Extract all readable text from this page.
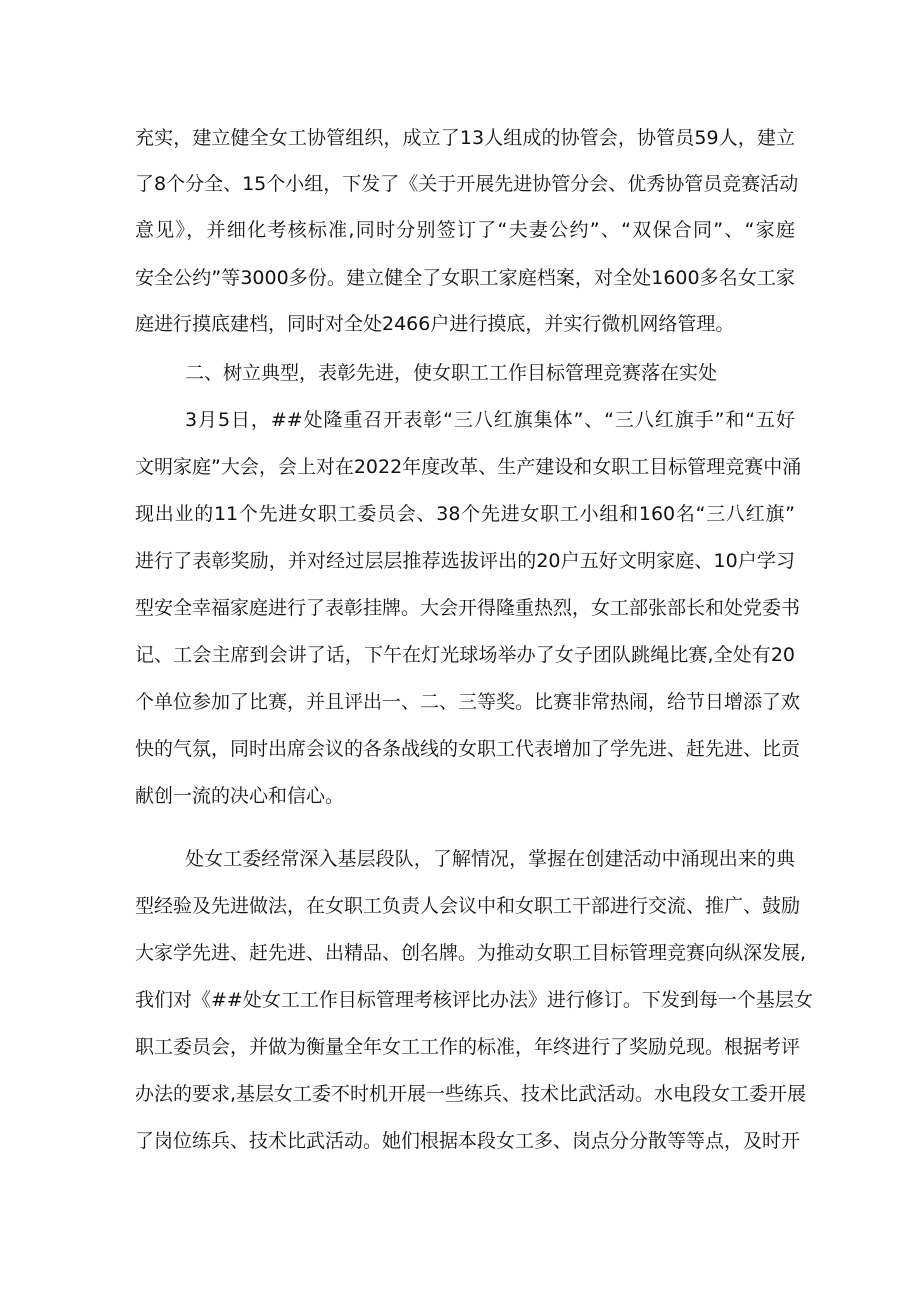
充实，建立健全女工协管组织，成立了13人组成的协管会，协管员59人，建立
了8个分全、15个小组，下发了《关于开展先进协管分会、优秀协管员竞赛活动
意见》，并细化考核标准,同时分别签订了“夫妻公约”、“双保合同”、“家庭
安全公约”等3000多份。建立健全了女职工家庭档案，对全处1600多名女工家
庭进行摸底建档，同时对全处2466户进行摸底，并实行微机网络管理。
二、树立典型，表彰先进，使女职工工作目标管理竞赛落在实处
3月5日，##处隆重召开表彰“三八红旗集体”、“三八红旗手”和“五好
文明家庭”大会，会上对在2022年度改革、生产建设和女职工目标管理竞赛中涌
现出业的11个先进女职工委员会、38个先进女职工小组和160名“三八红旗”
进行了表彰奖励，并对经过层层推荐选拔评出的20户五好文明家庭、10户学习
型安全幸福家庭进行了表彰挂牌。大会开得隆重热烈，女工部张部长和处党委书
记、工会主席到会讲了话，下午在灯光球场举办了女子团队跳绳比赛,全处有20
个单位参加了比赛，并且评出一、二、三等奖。比赛非常热闹，给节日增添了欢
快的气氛，同时出席会议的各条战线的女职工代表增加了学先进、赶先进、比贡
献创一流的决心和信心。
处女工委经常深入基层段队，了解情况，掌握在创建活动中涌现出来的典
型经验及先进做法，在女职工负责人会议中和女职工干部进行交流、推广、鼓励
大家学先进、赶先进、出精品、创名牌。为推动女职工目标管理竞赛向纵深发展,
我们对《##处女工工作目标管理考核评比办法》进行修订。下发到每一个基层女
职工委员会，并做为衡量全年女工工作的标准，年终进行了奖励兑现。根据考评
办法的要求,基层女工委不时机开展一些练兵、技术比武活动。水电段女工委开展
了岗位练兵、技术比武活动。她们根据本段女工多、岗点分分散等等点，及时开
